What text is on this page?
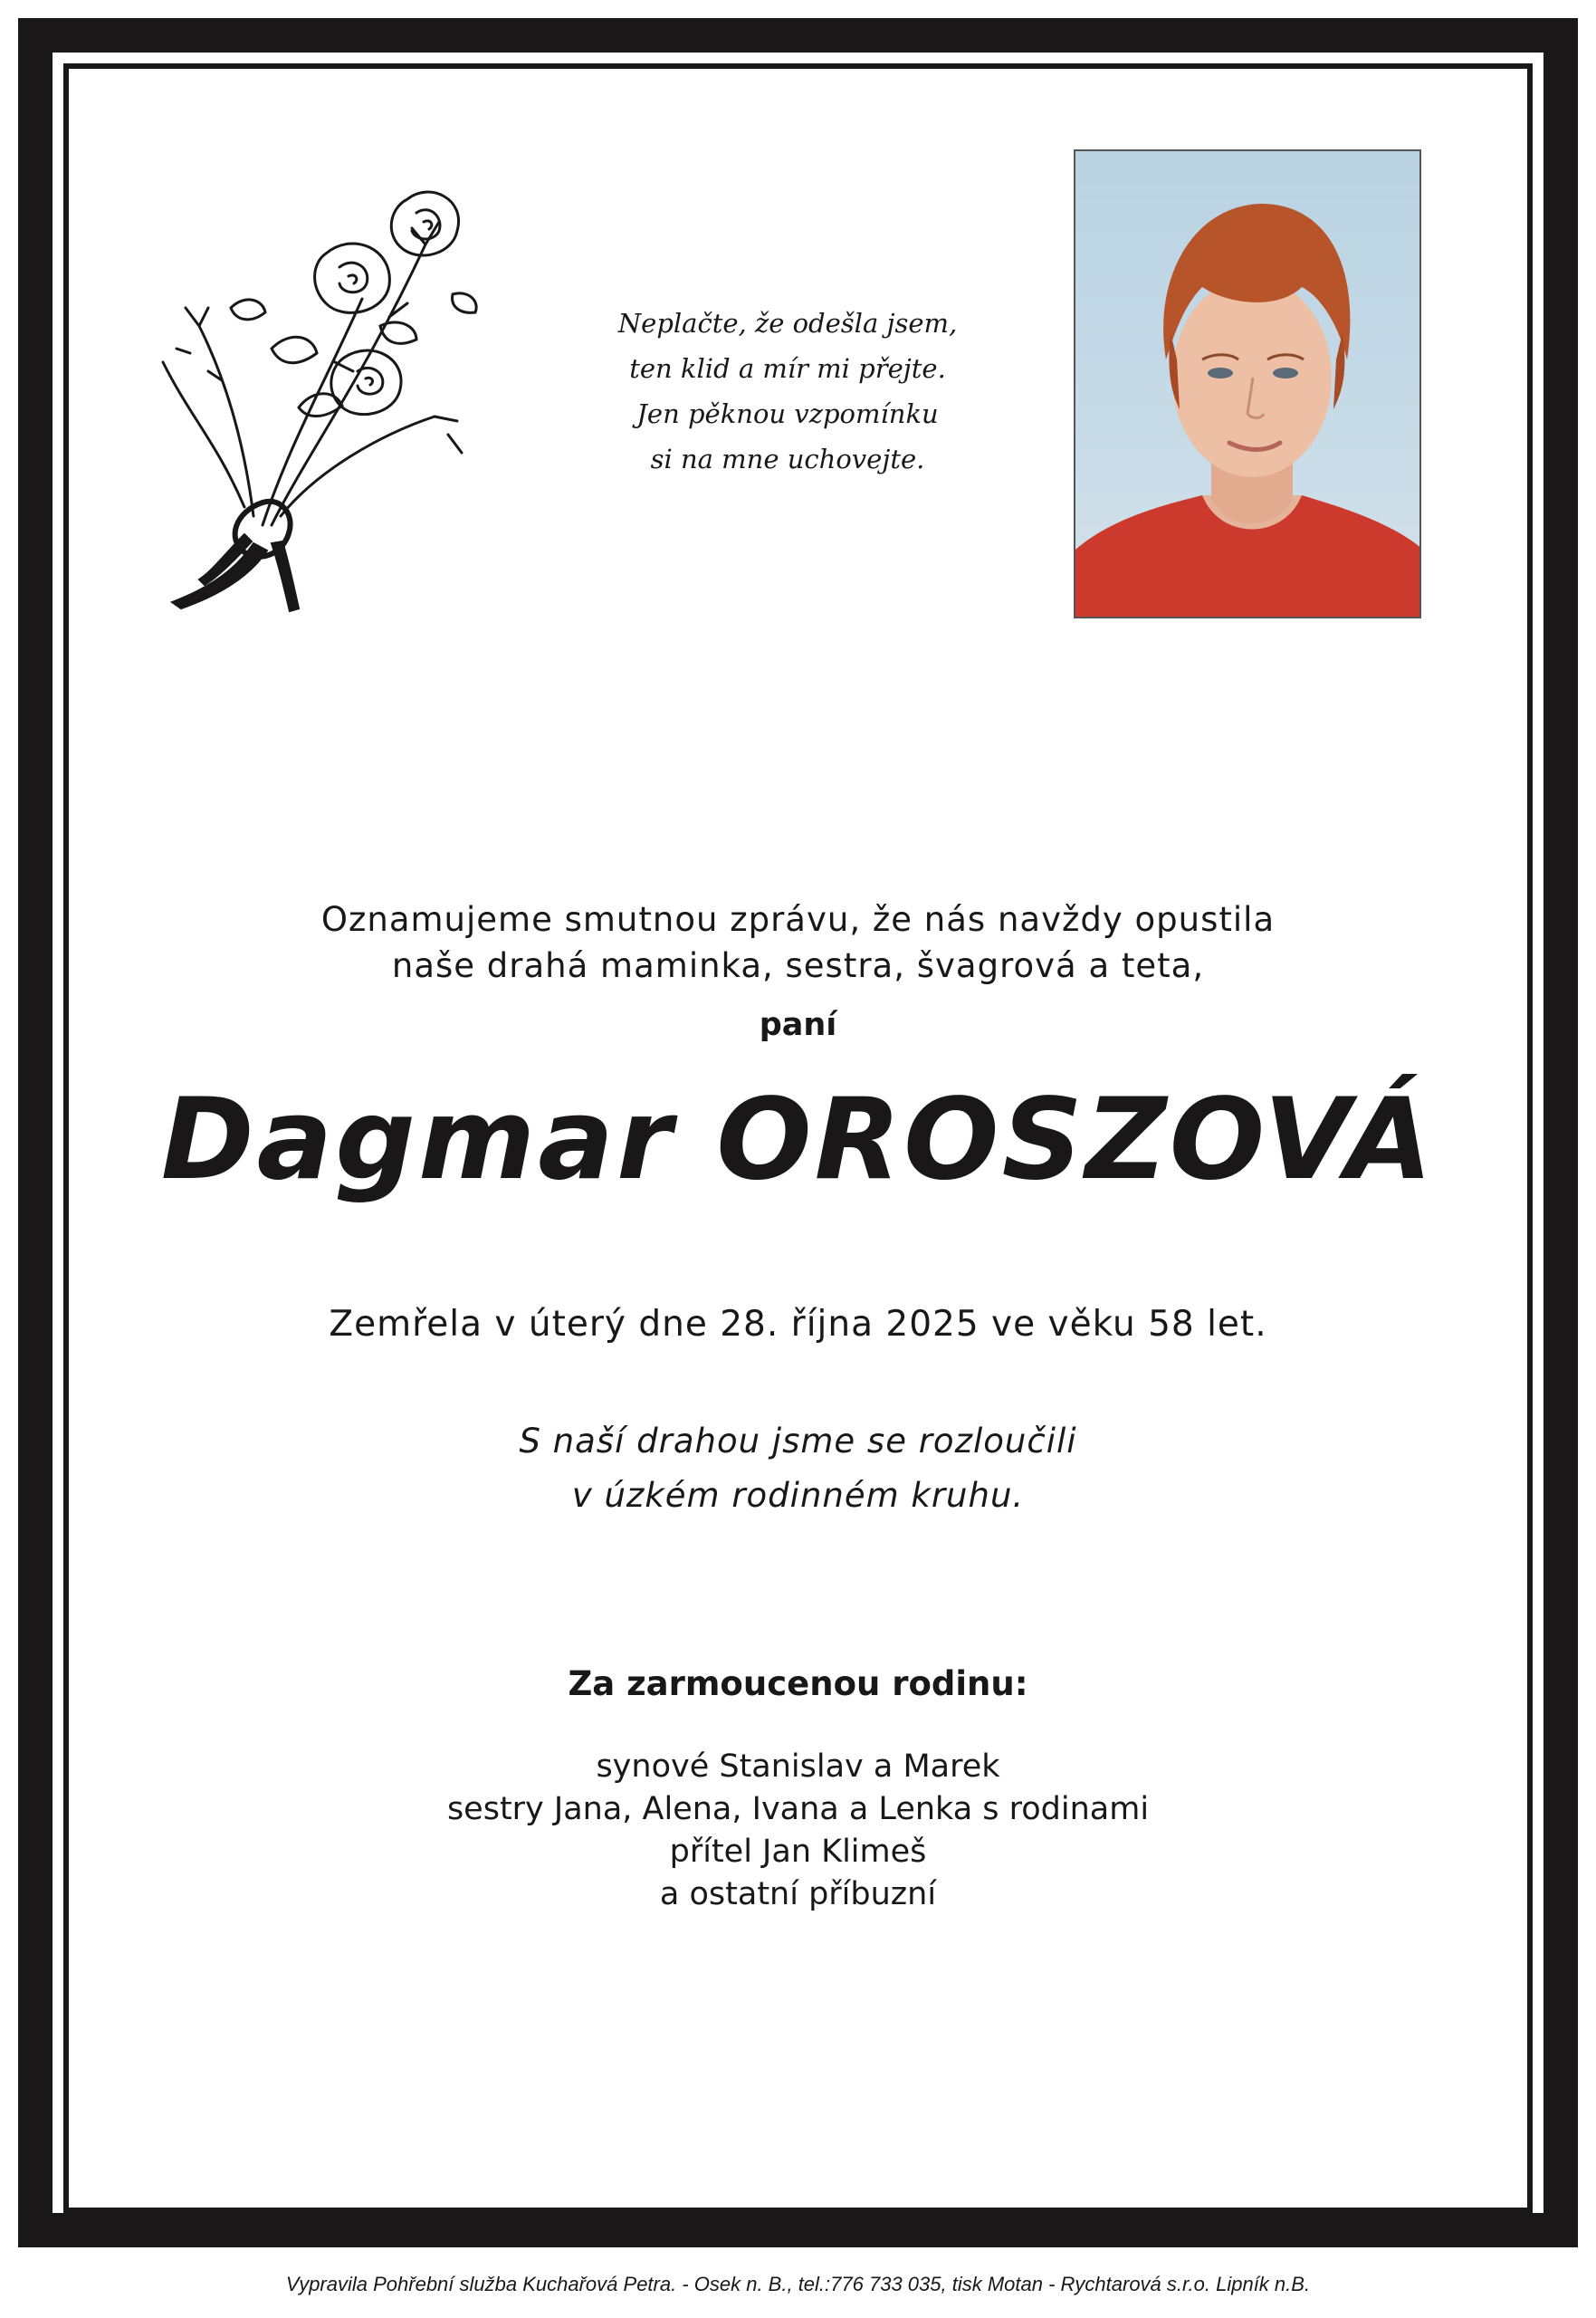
Neplačte, že odešla jsem,
ten klid a mír mi přejte.
Jen pěknou vzpomínku
si na mne uchovejte.
Oznamujeme smutnou zprávu, že nás navždy opustila
naše drahá maminka, sestra, švagrová a teta,
paní
Dagmar OROSZOVÁ
Zemřela v úterý dne 28. října 2025 ve věku 58 let.
S naší drahou jsme se rozloučili
v úzkém rodinném kruhu.
Za zarmoucenou rodinu:
synové Stanislav a Marek
sestry Jana, Alena, Ivana a Lenka s rodinami
přítel Jan Klimeš
a ostatní příbuzní
Vypravila Pohřební služba Kuchařová Petra. - Osek n. B., tel.:776 733 035, tisk Motan - Rychtarová s.r.o. Lipník n.B.
